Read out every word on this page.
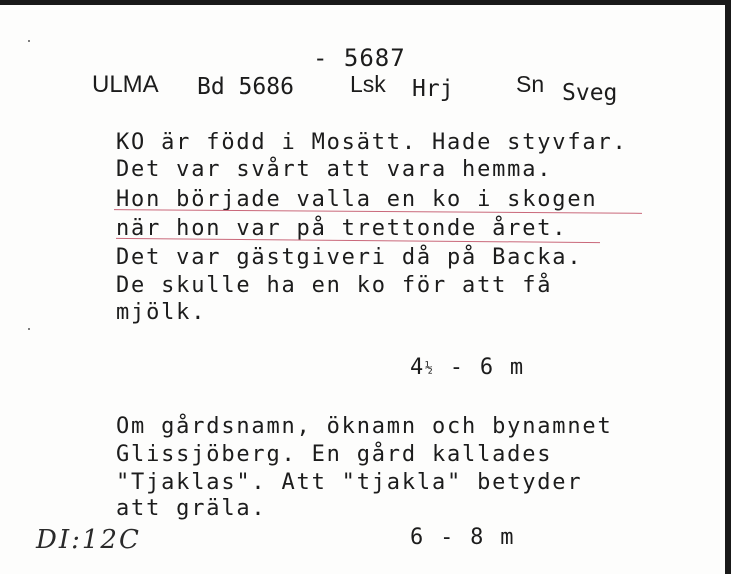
- 5687
ULMA Bd 5686 Lsk Hrj	Sn Sveg
KO är född i Mosätt. Hade styvfar.
Det var svårt att vara hemma.
Hon började valla en ko i skogen
när hon var på trettonde året.
Det var gästgiveri då på Backa.
De skulle ha en ko för att få
mjölk.
4½ - 6 m
Om gårdsnamn, öknamn och bynamnet
Glissjöberg. En gård kallades
"Tjaklas". Att "tjakla" betyder
att gräla.
6 - 8 m
DI:12C
